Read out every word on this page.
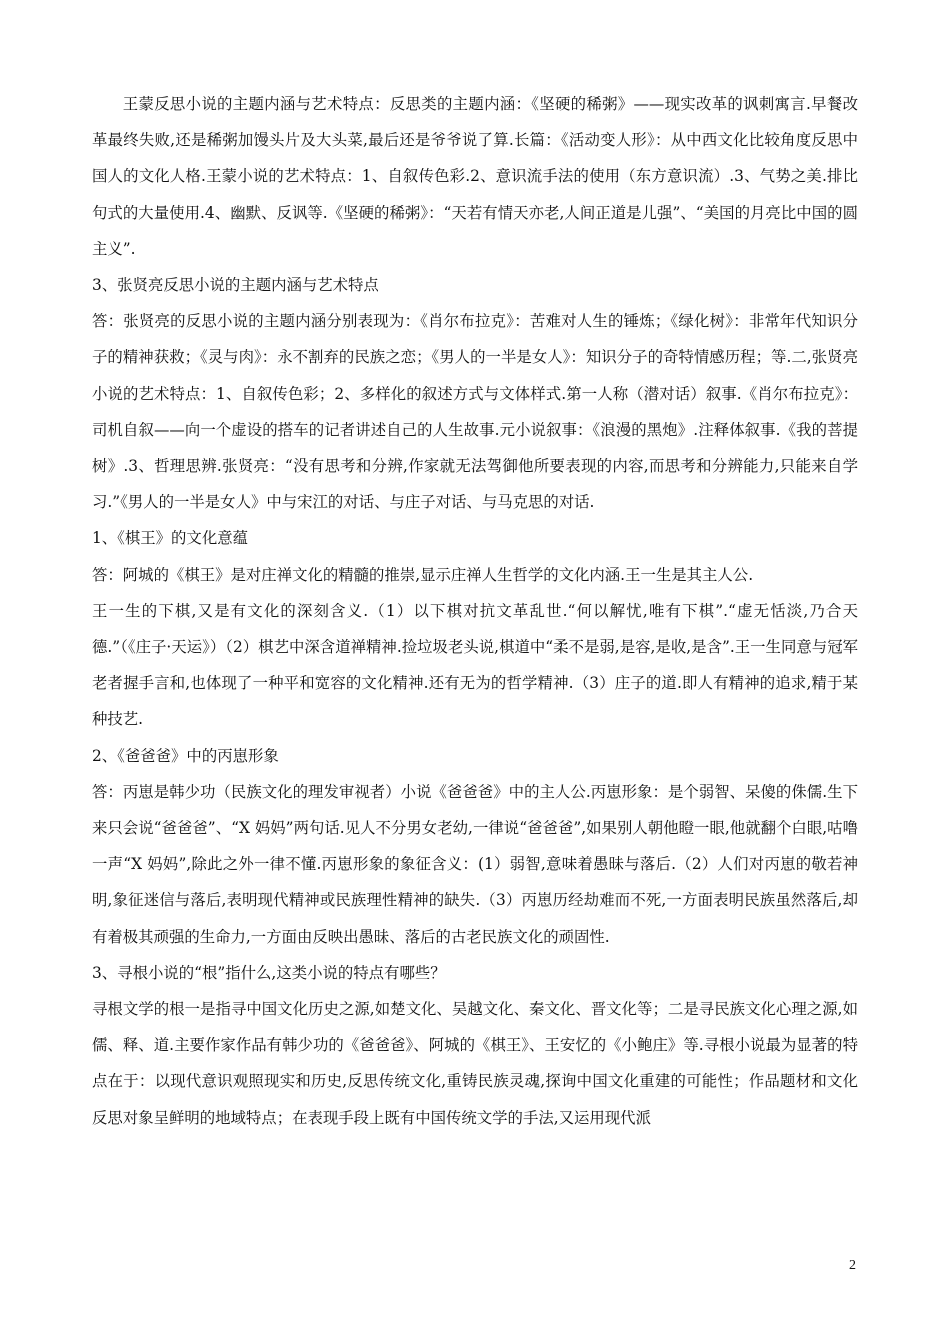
王蒙反思小说的主题内涵与艺术特点：反思类的主题内涵：《坚硬的稀粥》——现实改革的讽刺寓言.早餐改革最终失败,还是稀粥加馒头片及大头菜,最后还是爷爷说了算.长篇：《活动变人形》：从中西文化比较角度反思中国人的文化人格.王蒙小说的艺术特点：1、自叙传色彩.2、意识流手法的使用（东方意识流）.3、气势之美.排比句式的大量使用.4、幽默、反讽等.《坚硬的稀粥》：“天若有情天亦老,人间正道是儿强”、“美国的月亮比中国的圆主义”.

3、张贤亮反思小说的主题内涵与艺术特点

答：张贤亮的反思小说的主题内涵分别表现为：《肖尔布拉克》：苦难对人生的锤炼；《绿化树》：非常年代知识分子的精神获救；《灵与肉》：永不割弃的民族之恋；《男人的一半是女人》：知识分子的奇特情感历程；等.二,张贤亮小说的艺术特点：1、自叙传色彩；2、多样化的叙述方式与文体样式.第一人称（潜对话）叙事.《肖尔布拉克》：司机自叙——向一个虚设的搭车的记者讲述自己的人生故事.元小说叙事：《浪漫的黑炮》.注释体叙事.《我的菩提树》.3、哲理思辨.张贤亮：“没有思考和分辨,作家就无法驾御他所要表现的内容,而思考和分辨能力,只能来自学习.”《男人的一半是女人》中与宋江的对话、与庄子对话、与马克思的对话.

1、《棋王》的文化意蕴

答：阿城的《棋王》是对庄禅文化的精髓的推崇,显示庄禅人生哲学的文化内涵.王一生是其主人公.

王一生的下棋,又是有文化的深刻含义.（1）以下棋对抗文革乱世.“何以解忧,唯有下棋”.“虚无恬淡,乃合天德.”（《庄子·天运》）（2）棋艺中深含道禅精神.捡垃圾老头说,棋道中“柔不是弱,是容,是收,是含”.王一生同意与冠军老者握手言和,也体现了一种平和宽容的文化精神.还有无为的哲学精神.（3）庄子的道.即人有精神的追求,精于某种技艺.

2、《爸爸爸》中的丙崽形象

答：丙崽是韩少功（民族文化的理发审视者）小说《爸爸爸》中的主人公.丙崽形象：是个弱智、呆傻的侏儒.生下来只会说“爸爸爸”、“X 妈妈”两句话.见人不分男女老幼,一律说“爸爸爸”,如果别人朝他瞪一眼,他就翻个白眼,咕噜一声“X 妈妈”,除此之外一律不懂.丙崽形象的象征含义：(1）弱智,意味着愚昧与落后.（2）人们对丙崽的敬若神明,象征迷信与落后,表明现代精神或民族理性精神的缺失.（3）丙崽历经劫难而不死,一方面表明民族虽然落后,却有着极其顽强的生命力,一方面由反映出愚昧、落后的古老民族文化的顽固性.

3、寻根小说的“根”指什么,这类小说的特点有哪些？

寻根文学的根一是指寻中国文化历史之源,如楚文化、吴越文化、秦文化、晋文化等；二是寻民族文化心理之源,如儒、释、道.主要作家作品有韩少功的《爸爸爸》、阿城的《棋王》、王安忆的《小鲍庄》等.寻根小说最为显著的特点在于：以现代意识观照现实和历史,反思传统文化,重铸民族灵魂,探询中国文化重建的可能性；作品题材和文化反思对象呈鲜明的地域特点；在表现手段上既有中国传统文学的手法,又运用现代派

2
